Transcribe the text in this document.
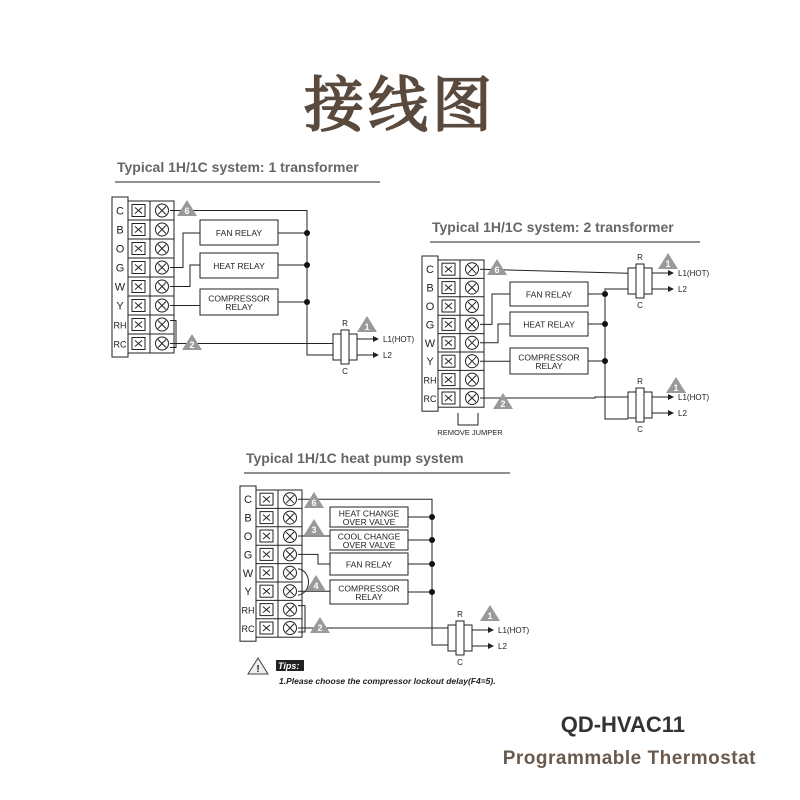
接线图
Typical 1H/1C system: 1 transformer
C
B
O
G
W
Y
RH
RC
FAN RELAY
HEAT RELAY
COMPRESSOR
RELAY
R
C
L1(HOT)
L2
6
2
1
Typical 1H/1C system: 2 transformer
C
B
O
G
W
Y
RH
RC
FAN RELAY
HEAT RELAY
COMPRESSOR
RELAY
R
C
L1(HOT)
L2
R
C
L1(HOT)
L2
REMOVE JUMPER
6
2
1
1
Typical 1H/1C heat pump system
C
B
O
G
W
Y
RH
RC
HEAT CHANGE
OVER VALVE
COOL CHANGE
OVER VALVE
FAN RELAY
COMPRESSOR
RELAY
R
C
L1(HOT)
L2
6
3
4
2
1
! Tips:
1.Please choose the compressor lockout delay(F4=5).
QD-HVAC11
Programmable Thermostat
